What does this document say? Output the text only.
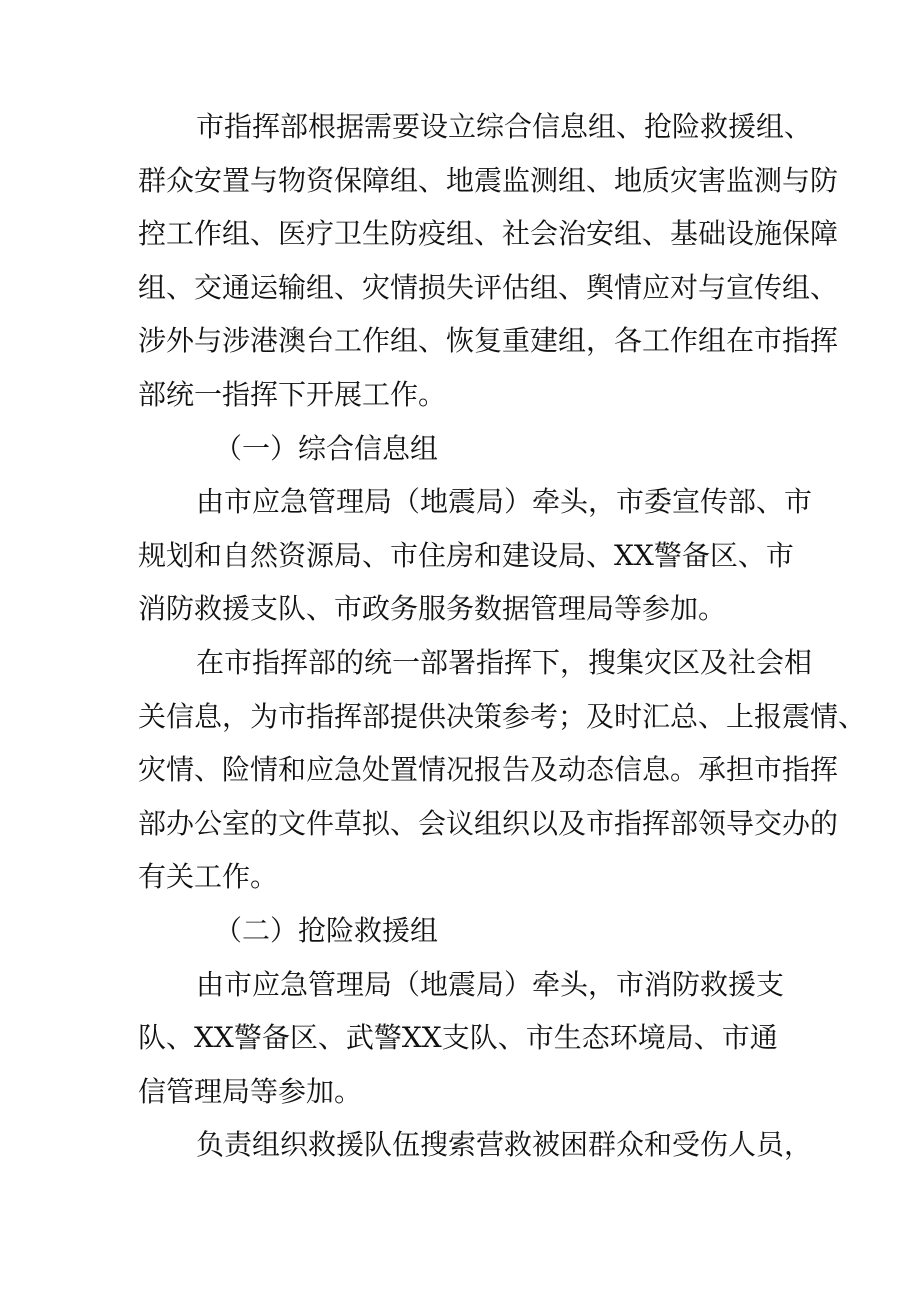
市指挥部根据需要设立综合信息组、抢险救援组、
群众安置与物资保障组、地震监测组、地质灾害监测与防
控工作组、医疗卫生防疫组、社会治安组、基础设施保障
组、交通运输组、灾情损失评估组、舆情应对与宣传组、
涉外与涉港澳台工作组、恢复重建组，各工作组在市指挥
部统一指挥下开展工作。
（一）综合信息组
由市应急管理局（地震局）牵头，市委宣传部、市
规划和自然资源局、市住房和建设局、XX警备区、市
消防救援支队、市政务服务数据管理局等参加。
在市指挥部的统一部署指挥下，搜集灾区及社会相
关信息，为市指挥部提供决策参考；及时汇总、上报震情、
灾情、险情和应急处置情况报告及动态信息。承担市指挥
部办公室的文件草拟、会议组织以及市指挥部领导交办的
有关工作。
（二）抢险救援组
由市应急管理局（地震局）牵头，市消防救援支
队、XX警备区、武警XX支队、市生态环境局、市通
信管理局等参加。
负责组织救援队伍搜索营救被困群众和受伤人员，
